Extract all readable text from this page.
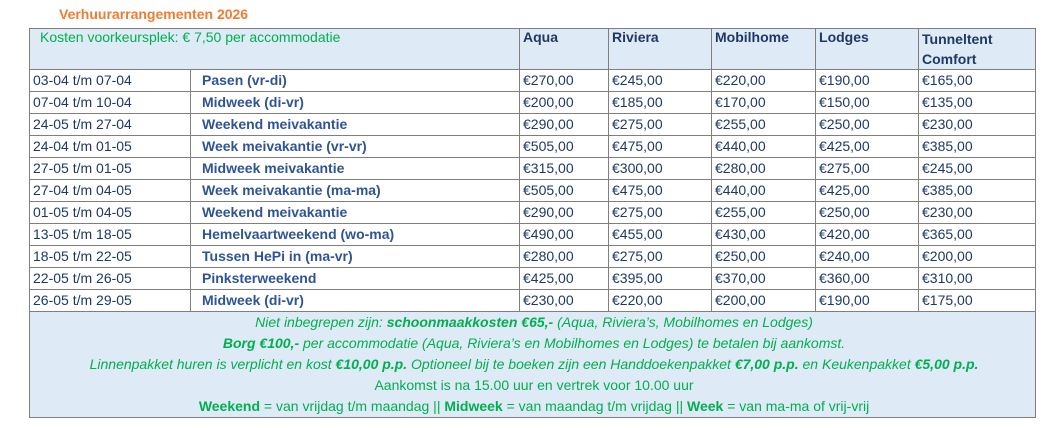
Verhuurarrangementen 2026
Kosten voorkeursplek: € 7,50 per accommodatie		Aqua	Riviera	Mobilhome	Lodges	Tunneltent Comfort
03-04 t/m 07-04	Pasen (vr-di)	€270,00	€245,00	€220,00	€190,00	€165,00
07-04 t/m 10-04	Midweek (di-vr)	€200,00	€185,00	€170,00	€150,00	€135,00
24-05 t/m 27-04	Weekend meivakantie	€290,00	€275,00	€255,00	€250,00	€230,00
24-04 t/m 01-05	Week meivakantie (vr-vr)	€505,00	€475,00	€440,00	€425,00	€385,00
27-05 t/m 01-05	Midweek meivakantie	€315,00	€300,00	€280,00	€275,00	€245,00
27-04 t/m 04-05	Week meivakantie (ma-ma)	€505,00	€475,00	€440,00	€425,00	€385,00
01-05 t/m 04-05	Weekend meivakantie	€290,00	€275,00	€255,00	€250,00	€230,00
13-05 t/m 18-05	Hemelvaartweekend (wo-ma)	€490,00	€455,00	€430,00	€420,00	€365,00
18-05 t/m 22-05	Tussen HePi in (ma-vr)	€280,00	€275,00	€250,00	€240,00	€200,00
22-05 t/m 26-05	Pinksterweekend	€425,00	€395,00	€370,00	€360,00	€310,00
26-05 t/m 29-05	Midweek (di-vr)	€230,00	€220,00	€200,00	€190,00	€175,00

Niet inbegrepen zijn: schoonmaakkosten €65,- (Aqua, Riviera’s, Mobilhomes en Lodges)
Borg €100,- per accommodatie (Aqua, Riviera’s en Mobilhomes en Lodges) te betalen bij aankomst.
Linnenpakket huren is verplicht en kost €10,00 p.p. Optioneel bij te boeken zijn een Handdoekenpakket €7,00 p.p. en Keukenpakket €5,00 p.p.
Aankomst is na 15.00 uur en vertrek voor 10.00 uur
Weekend = van vrijdag t/m maandag || Midweek = van maandag t/m vrijdag || Week = van ma-ma of vrij-vrij						
